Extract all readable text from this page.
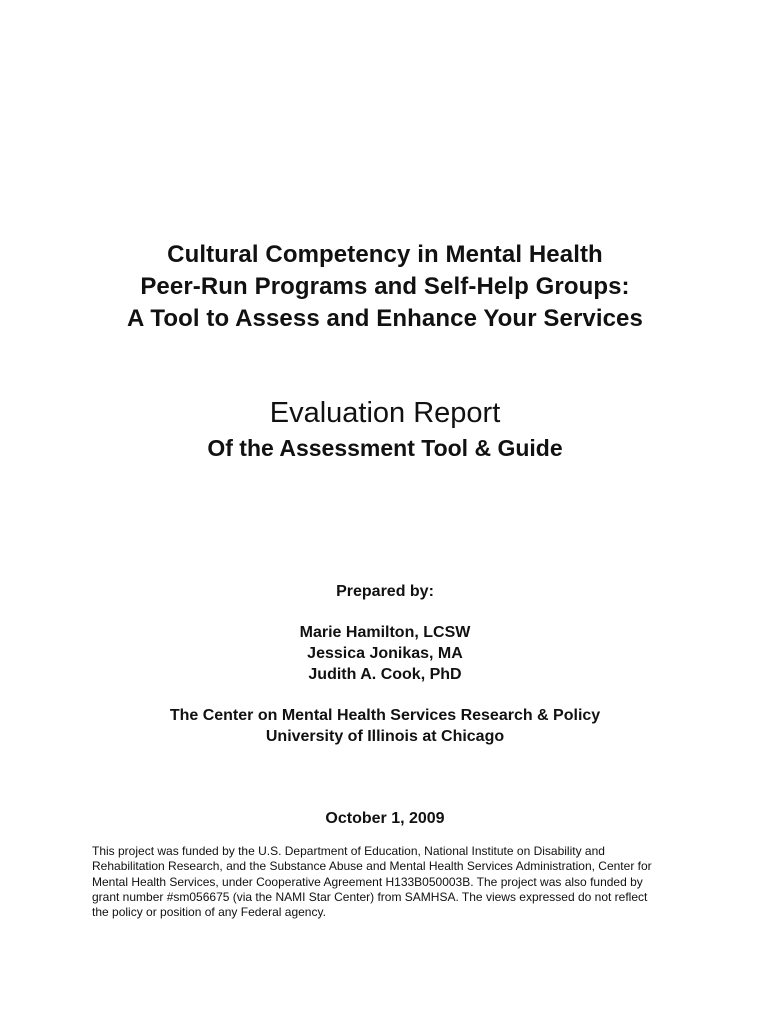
Cultural Competency in Mental Health
Peer-Run Programs and Self-Help Groups:
A Tool to Assess and Enhance Your Services
Evaluation Report
Of the Assessment Tool & Guide
Prepared by:
Marie Hamilton, LCSW
Jessica Jonikas, MA
Judith A. Cook, PhD
The Center on Mental Health Services Research & Policy
University of Illinois at Chicago
October 1, 2009
This project was funded by the U.S. Department of Education, National Institute on Disability and
Rehabilitation Research, and the Substance Abuse and Mental Health Services Administration, Center for
Mental Health Services, under Cooperative Agreement H133B050003B. The project was also funded by
grant number #sm056675 (via the NAMI Star Center) from SAMHSA. The views expressed do not reflect
the policy or position of any Federal agency.
